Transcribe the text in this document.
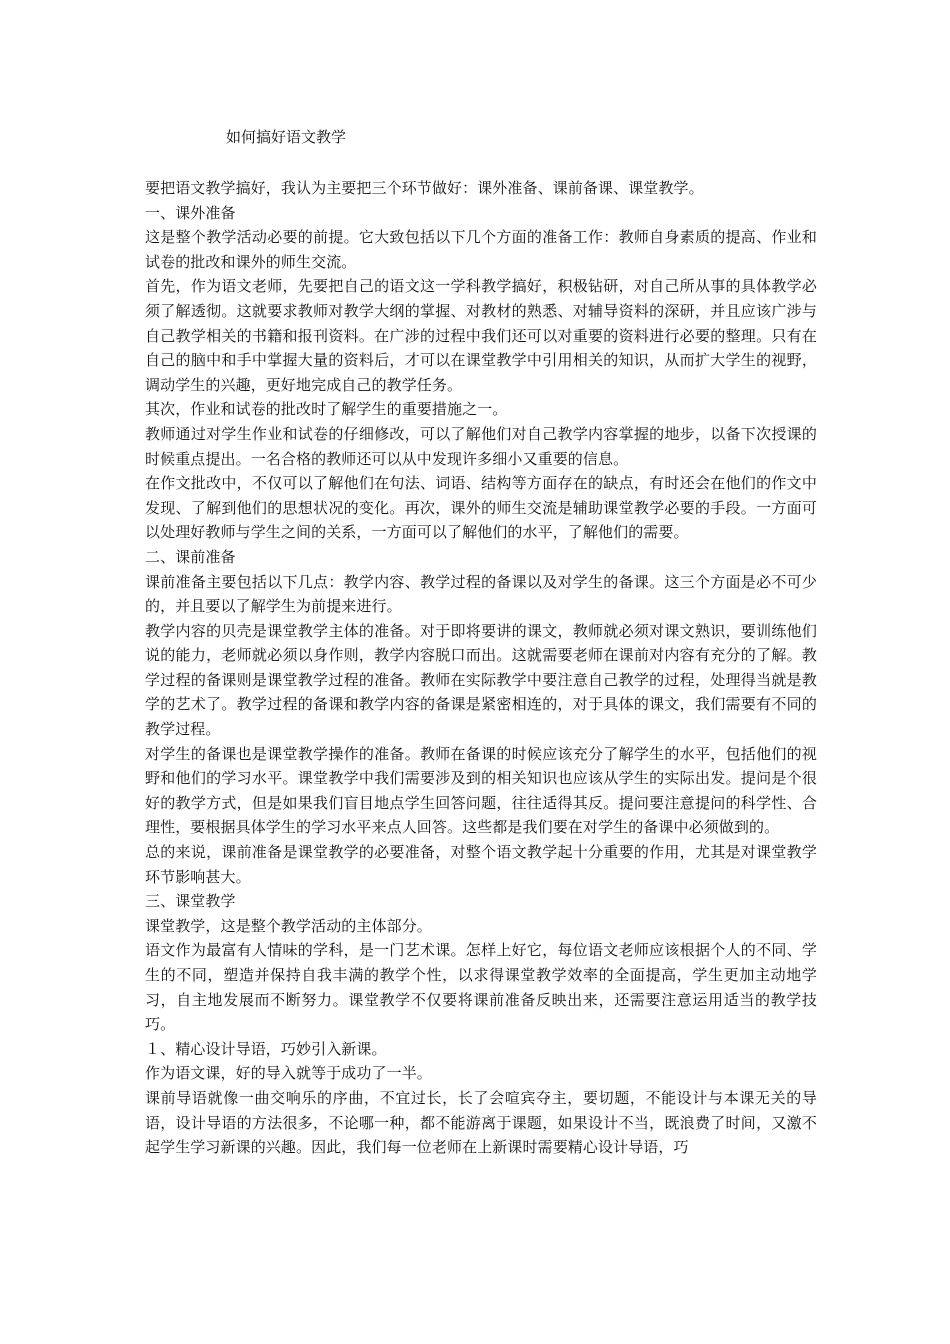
如何搞好语文教学

要把语文教学搞好，我认为主要把三个环节做好：课外准备、课前备课、课堂教学。

一、课外准备

这是整个教学活动必要的前提。它大致包括以下几个方面的准备工作：教师自身素质的提高、作业和试卷的批改和课外的师生交流。

首先，作为语文老师，先要把自己的语文这一学科教学搞好，积极钻研，对自己所从事的具体教学必须了解透彻。这就要求教师对教学大纲的掌握、对教材的熟悉、对辅导资料的深研，并且应该广涉与自己教学相关的书籍和报刊资料。在广涉的过程中我们还可以对重要的资料进行必要的整理。只有在自己的脑中和手中掌握大量的资料后，才可以在课堂教学中引用相关的知识，从而扩大学生的视野，调动学生的兴趣，更好地完成自己的教学任务。

其次，作业和试卷的批改时了解学生的重要措施之一。

教师通过对学生作业和试卷的仔细修改，可以了解他们对自己教学内容掌握的地步，以备下次授课的时候重点提出。一名合格的教师还可以从中发现许多细小又重要的信息。

在作文批改中，不仅可以了解他们在句法、词语、结构等方面存在的缺点，有时还会在他们的作文中发现、了解到他们的思想状况的变化。再次，课外的师生交流是辅助课堂教学必要的手段。一方面可以处理好教师与学生之间的关系，一方面可以了解他们的水平，了解他们的需要。

二、课前准备

课前准备主要包括以下几点：教学内容、教学过程的备课以及对学生的备课。这三个方面是必不可少的，并且要以了解学生为前提来进行。

教学内容的贝壳是课堂教学主体的准备。对于即将要讲的课文，教师就必须对课文熟识，要训练他们说的能力，老师就必须以身作则，教学内容脱口而出。这就需要老师在课前对内容有充分的了解。教学过程的备课则是课堂教学过程的准备。教师在实际教学中要注意自己教学的过程，处理得当就是教学的艺术了。教学过程的备课和教学内容的备课是紧密相连的，对于具体的课文，我们需要有不同的教学过程。

对学生的备课也是课堂教学操作的准备。教师在备课的时候应该充分了解学生的水平，包括他们的视野和他们的学习水平。课堂教学中我们需要涉及到的相关知识也应该从学生的实际出发。提问是个很好的教学方式，但是如果我们盲目地点学生回答问题，往往适得其反。提问要注意提问的科学性、合理性，要根据具体学生的学习水平来点人回答。这些都是我们要在对学生的备课中必须做到的。

总的来说，课前准备是课堂教学的必要准备，对整个语文教学起十分重要的作用，尤其是对课堂教学环节影响甚大。

三、课堂教学

课堂教学，这是整个教学活动的主体部分。

语文作为最富有人情味的学科，是一门艺术课。怎样上好它，每位语文老师应该根据个人的不同、学生的不同，塑造并保持自我丰满的教学个性，以求得课堂教学效率的全面提高，学生更加主动地学习，自主地发展而不断努力。课堂教学不仅要将课前准备反映出来，还需要注意运用适当的教学技巧。

１、精心设计导语，巧妙引入新课。

作为语文课，好的导入就等于成功了一半。

课前导语就像一曲交响乐的序曲，不宜过长，长了会喧宾夺主，要切题，不能设计与本课无关的导语，设计导语的方法很多，不论哪一种，都不能游离于课题，如果设计不当，既浪费了时间，又激不起学生学习新课的兴趣。因此，我们每一位老师在上新课时需要精心设计导语，巧
